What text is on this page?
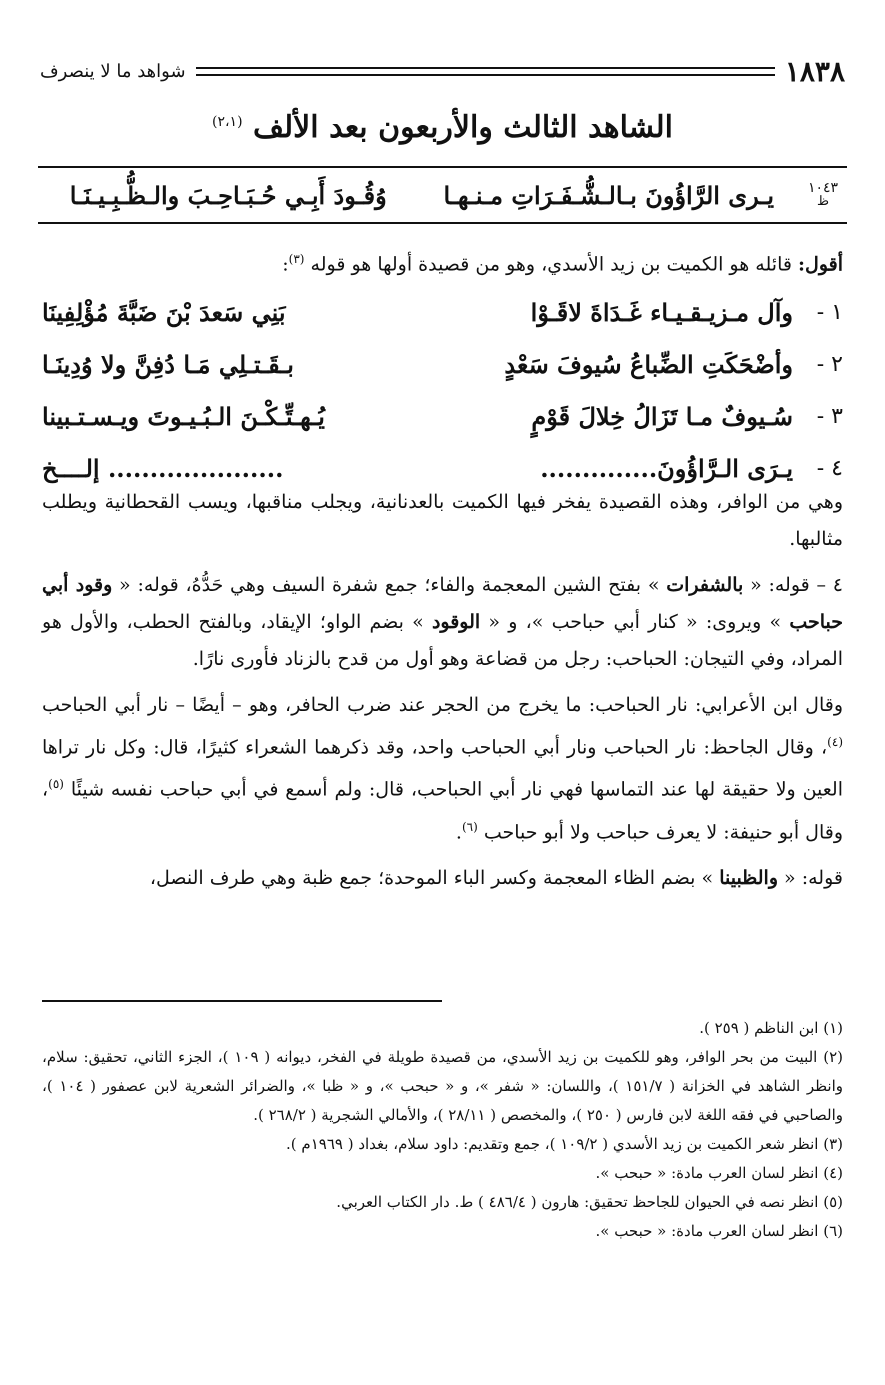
١٨٣٨
شواهد ما لا ينصرف
الشاهد الثالث والأربعون بعد الألف $^{(٢،١)}$
١٠٤٣
ظ
يـرى الرَّاؤُونَ بـالـشُّـفَـرَاتِ مـنـهـا
وُقُـودَ أَبِـي حُـبَـاحِـبَ والـظُّـبِـيـنَـا
أقول: قائله هو الكميت بن زيد الأسدي، وهو من قصيدة أولها هو قوله $^{(٣)}$:
١ -
وآل مـزيـقـيـاء غَـدَاةَ لاقَـوْا
بَنِي سَعدَ بْنَ ضَبَّةَ مُؤْلِفِينَا
٢ -
وأضْحَكَتِ الضِّباعُ سُيوفَ سَعْدٍ
بـقَـتـلِي مَـا دُفِنَّ ولا وُدِينَـا
٣ -
سُـيوفٌ مـا تَزَالُ خِلالَ قَوْمٍ
يُـهـتِّـكْـنَ الـبُـيـوتَ ويـسـتـبينا
٤ -
يـرَى الـرَّاؤُونَ..............
..................... إلــــخ

وهي من الوافر، وهذه القصيدة يفخر فيها الكميت بالعدنانية، ويجلب مناقبها، ويسب القحطانية ويطلب مثالبها.

٤ – قوله: « بالشفرات » بفتح الشين المعجمة والفاء؛ جمع شفرة السيف وهي حَدُّهُ، قوله: « وقود أبي حباحب » ويروى: « كنار أبي حباحب »، و « الوقود » بضم الواو؛ الإيقاد، وبالفتح الحطب، والأول هو المراد، وفي التيجان: الحباحب: رجل من قضاعة وهو أول من قدح بالزناد فأورى نارًا.

وقال ابن الأعرابي: نار الحباحب: ما يخرج من الحجر عند ضرب الحافر، وهو – أيضًا – نار أبي الحباحب $^{(٤)}$، وقال الجاحظ: نار الحباحب ونار أبي الحباحب واحد، وقد ذكرهما الشعراء كثيرًا، قال: وكل نار تراها العين ولا حقيقة لها عند التماسها فهي نار أبي الحباحب، قال: ولم أسمع في أبي حباحب نفسه شيئًا $^{(٥)}$، وقال أبو حنيفة: لا يعرف حباحب ولا أبو حباحب $^{(٦)}$.

قوله: « والظبينا » بضم الظاء المعجمة وكسر الباء الموحدة؛ جمع ظبة وهي طرف النصل،

(١) ابن الناظم ( ٢٥٩ ).
(٢) البيت من بحر الوافر، وهو للكميت بن زيد الأسدي، من قصيدة طويلة في الفخر، ديوانه ( ١٠٩ )، الجزء الثاني، تحقيق: سلام، وانظر الشاهد في الخزانة ( ١٥١/٧ )، واللسان: « شفر »، و « حبحب »، و « ظبا »، والضرائر الشعرية لابن عصفور ( ١٠٤ )، والصاحبي في فقه اللغة لابن فارس ( ٢٥٠ )، والمخصص ( ٢٨/١١ )، والأمالي الشجرية ( ٢٦٨/٢ ).
(٣) انظر شعر الكميت بن زيد الأسدي ( ١٠٩/٢ )، جمع وتقديم: داود سلام، بغداد ( ١٩٦٩م ).
(٤) انظر لسان العرب مادة: « حبحب ».
(٥) انظر نصه في الحيوان للجاحظ تحقيق: هارون ( ٤٨٦/٤ ) ط. دار الكتاب العربي.
(٦) انظر لسان العرب مادة: « حبحب ».
